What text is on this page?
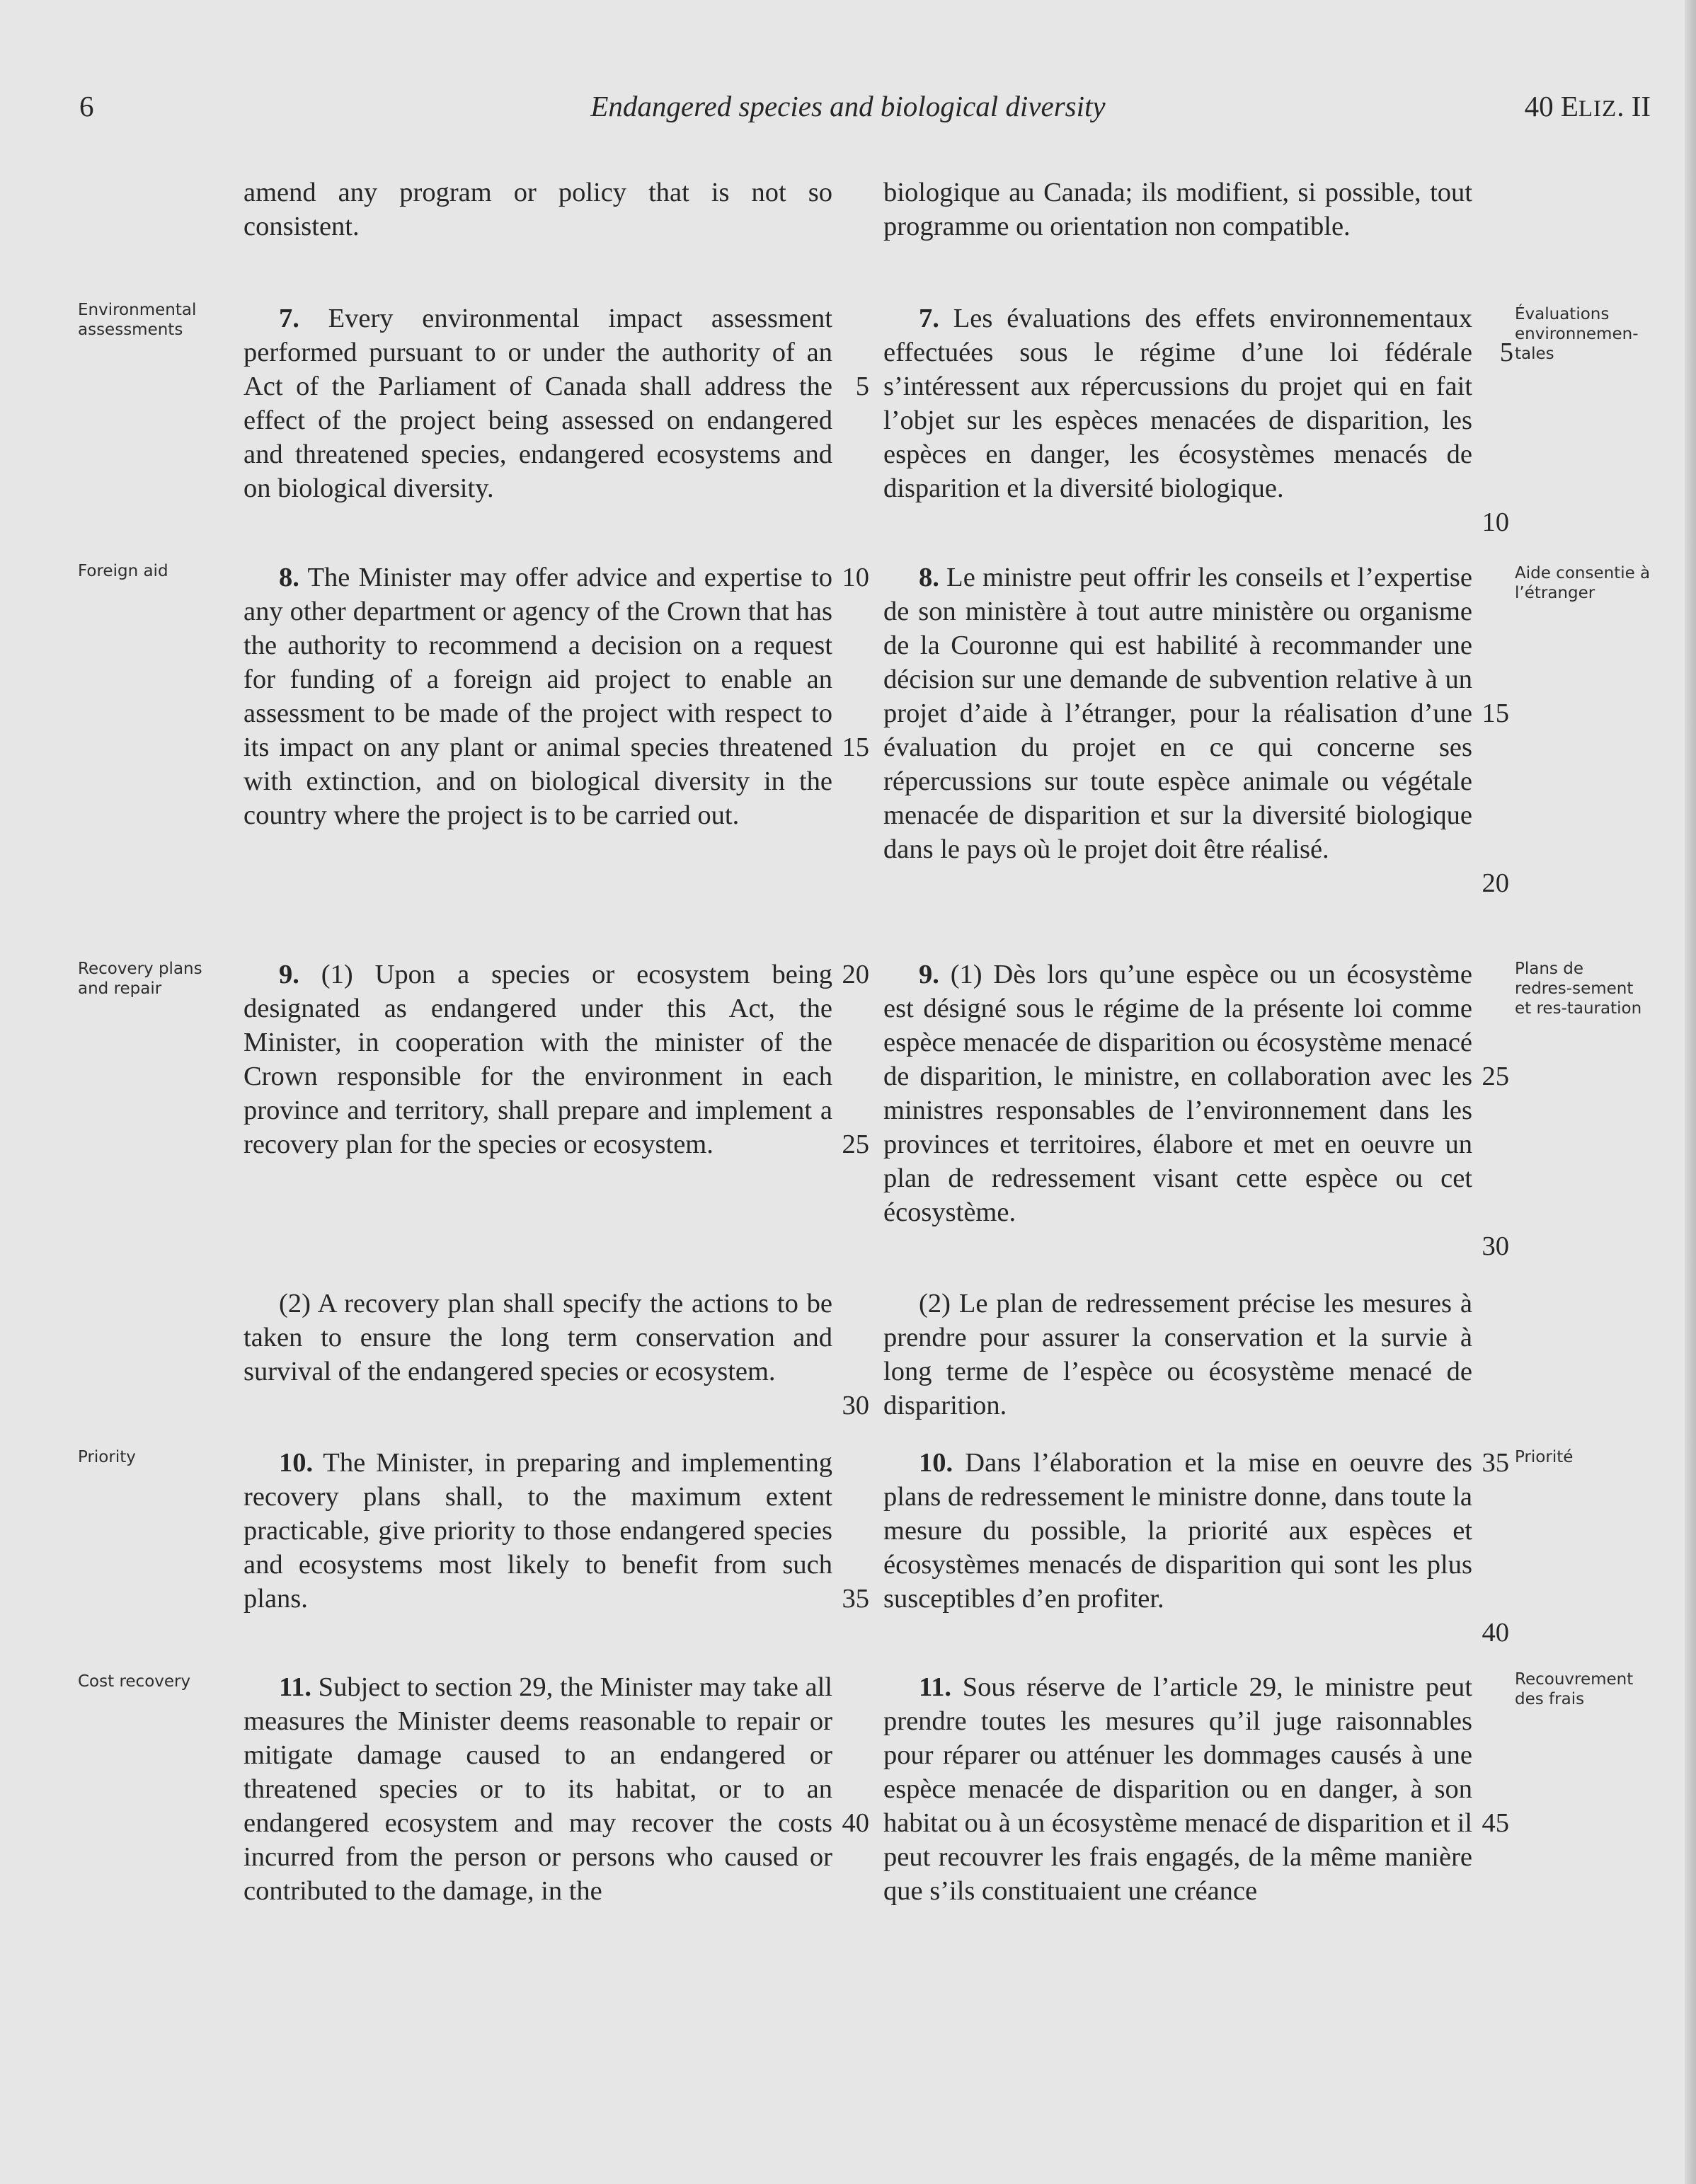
Endangered species and biological diversity
6	40 ELIZ. II

Environmental assessments

Foreign aid

Recovery plans and repair

Priority

Cost recovery

Évaluations environnemen-tales

Aide consentie à l’étranger

Plans de redres-sement et res-tauration

Priorité

Recouvrement des frais

amend any program or policy that is not so consistent.

7. Every environmental impact assessment performed pursuant to or under the authority of an Act of the Parliament of Canada shall address the effect of the project being assessed on endangered and threatened species, endangered ecosystems and on biological diversity.

8. The Minister may offer advice and expertise to any other department or agency of the Crown that has the authority to recommend a decision on a request for funding of a foreign aid project to enable an assessment to be made of the project with respect to its impact on any plant or animal species threatened with extinction, and on biological diversity in the country where the project is to be carried out.

9. (1) Upon a species or ecosystem being designated as endangered under this Act, the Minister, in cooperation with the minister of the Crown responsible for the environment in each province and territory, shall prepare and implement a recovery plan for the species or ecosystem.

(2) A recovery plan shall specify the actions to be taken to ensure the long term conservation and survival of the endangered species or ecosystem.

10. The Minister, in preparing and implementing recovery plans shall, to the maximum extent practicable, give priority to those endangered species and ecosystems most likely to benefit from such plans.

11. Subject to section 29, the Minister may take all measures the Minister deems reasonable to repair or mitigate damage caused to an endangered or threatened species or to its habitat, or to an endangered ecosystem and may recover the costs incurred from the person or persons who caused or contributed to the damage, in the

biologique au Canada; ils modifient, si possible, tout programme ou orientation non compatible.

7. Les évaluations des effets environnementaux effectuées sous le régime d’une loi fédérale s’intéressent aux répercussions du projet qui en fait l’objet sur les espèces menacées de disparition, les espèces en danger, les écosystèmes menacés de disparition et la diversité biologique.

8. Le ministre peut offrir les conseils et l’expertise de son ministère à tout autre ministère ou organisme de la Couronne qui est habilité à recommander une décision sur une demande de subvention relative à un projet d’aide à l’étranger, pour la réalisation d’une évaluation du projet en ce qui concerne ses répercussions sur toute espèce animale ou végétale menacée de disparition et sur la diversité biologique dans le pays où le projet doit être réalisé.

9. (1) Dès lors qu’une espèce ou un écosystème est désigné sous le régime de la présente loi comme espèce menacée de disparition ou écosystème menacé de disparition, le ministre, en collaboration avec les ministres responsables de l’environnement dans les provinces et territoires, élabore et met en oeuvre un plan de redressement visant cette espèce ou cet écosystème.

(2) Le plan de redressement précise les mesures à prendre pour assurer la conservation et la survie à long terme de l’espèce ou écosystème menacé de disparition.

10. Dans l’élaboration et la mise en oeuvre des plans de redressement le ministre donne, dans toute la mesure du possible, la priorité aux espèces et écosystèmes menacés de disparition qui sont les plus susceptibles d’en profiter.

11. Sous réserve de l’article 29, le ministre peut prendre toutes les mesures qu’il juge raisonnables pour réparer ou atténuer les dommages causés à une espèce menacée de disparition ou en danger, à son habitat ou à un écosystème menacé de disparition et il peut recouvrer les frais engagés, de la même manière que s’ils constituaient une créance

5
10
15
20
25
30
35
40
5
10
15
20
25
30
35
40
45
